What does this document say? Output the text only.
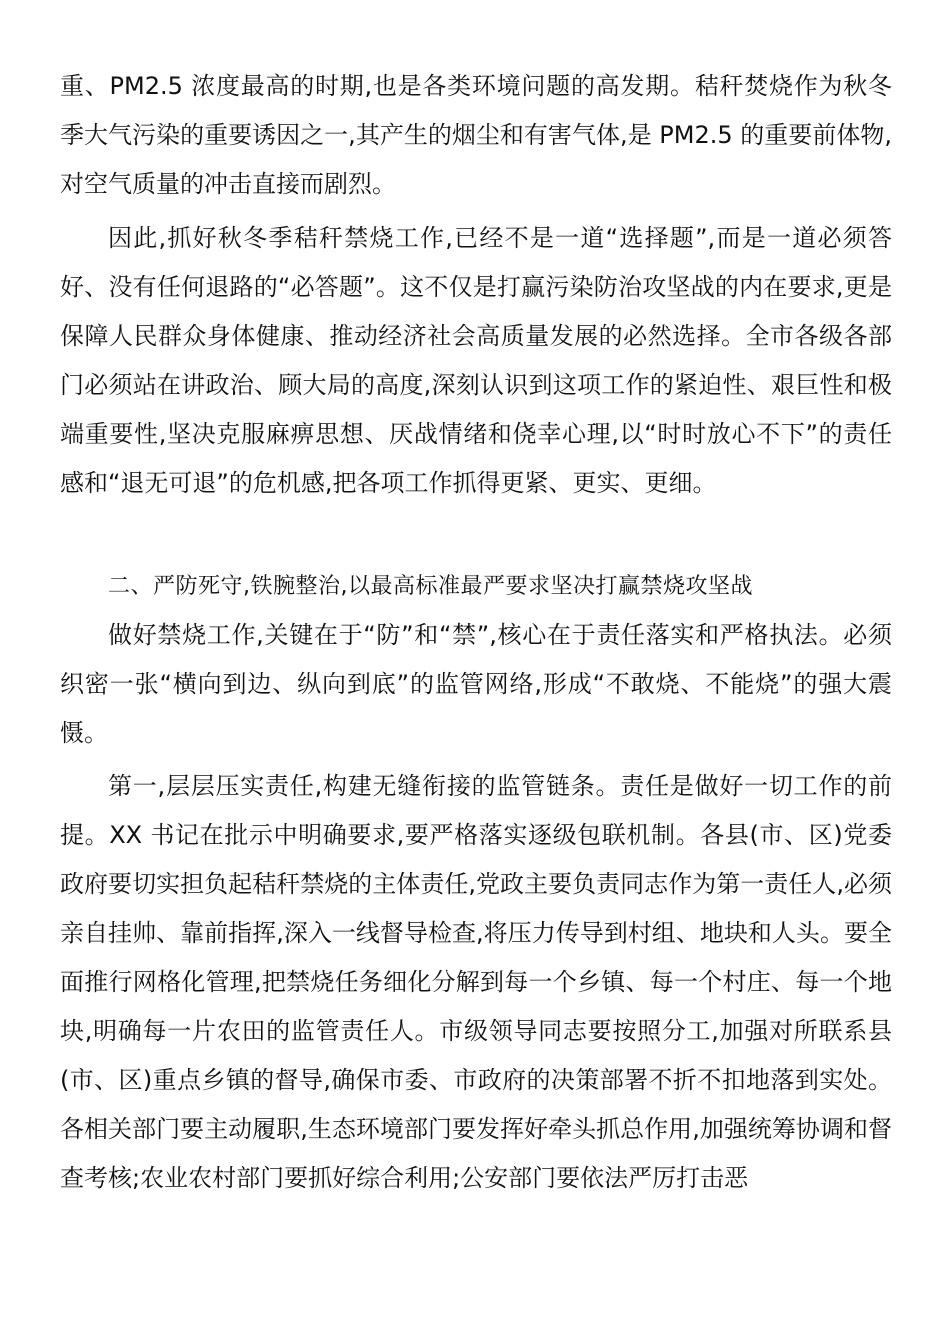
重、PM2.5 浓度最高的时期,也是各类环境问题的高发期。秸秆焚烧作为秋冬季大气污染的重要诱因之一,其产生的烟尘和有害气体,是 PM2.5 的重要前体物,对空气质量的冲击直接而剧烈。

因此,抓好秋冬季秸秆禁烧工作,已经不是一道“选择题”,而是一道必须答好、没有任何退路的“必答题”。这不仅是打赢污染防治攻坚战的内在要求,更是保障人民群众身体健康、推动经济社会高质量发展的必然选择。全市各级各部门必须站在讲政治、顾大局的高度,深刻认识到这项工作的紧迫性、艰巨性和极端重要性,坚决克服麻痹思想、厌战情绪和侥幸心理,以“时时放心不下”的责任感和“退无可退”的危机感,把各项工作抓得更紧、更实、更细。

二、严防死守,铁腕整治,以最高标准最严要求坚决打赢禁烧攻坚战

做好禁烧工作,关键在于“防”和“禁”,核心在于责任落实和严格执法。必须织密一张“横向到边、纵向到底”的监管网络,形成“不敢烧、不能烧”的强大震慑。

第一,层层压实责任,构建无缝衔接的监管链条。责任是做好一切工作的前提。XX 书记在批示中明确要求,要严格落实逐级包联机制。各县(市、区)党委政府要切实担负起秸秆禁烧的主体责任,党政主要负责同志作为第一责任人,必须亲自挂帅、靠前指挥,深入一线督导检查,将压力传导到村组、地块和人头。要全面推行网格化管理,把禁烧任务细化分解到每一个乡镇、每一个村庄、每一个地块,明确每一片农田的监管责任人。市级领导同志要按照分工,加强对所联系县(市、区)重点乡镇的督导,确保市委、市政府的决策部署不折不扣地落到实处。各相关部门要主动履职,生态环境部门要发挥好牵头抓总作用,加强统筹协调和督查考核;农业农村部门要抓好综合利用;公安部门要依法严厉打击恶
